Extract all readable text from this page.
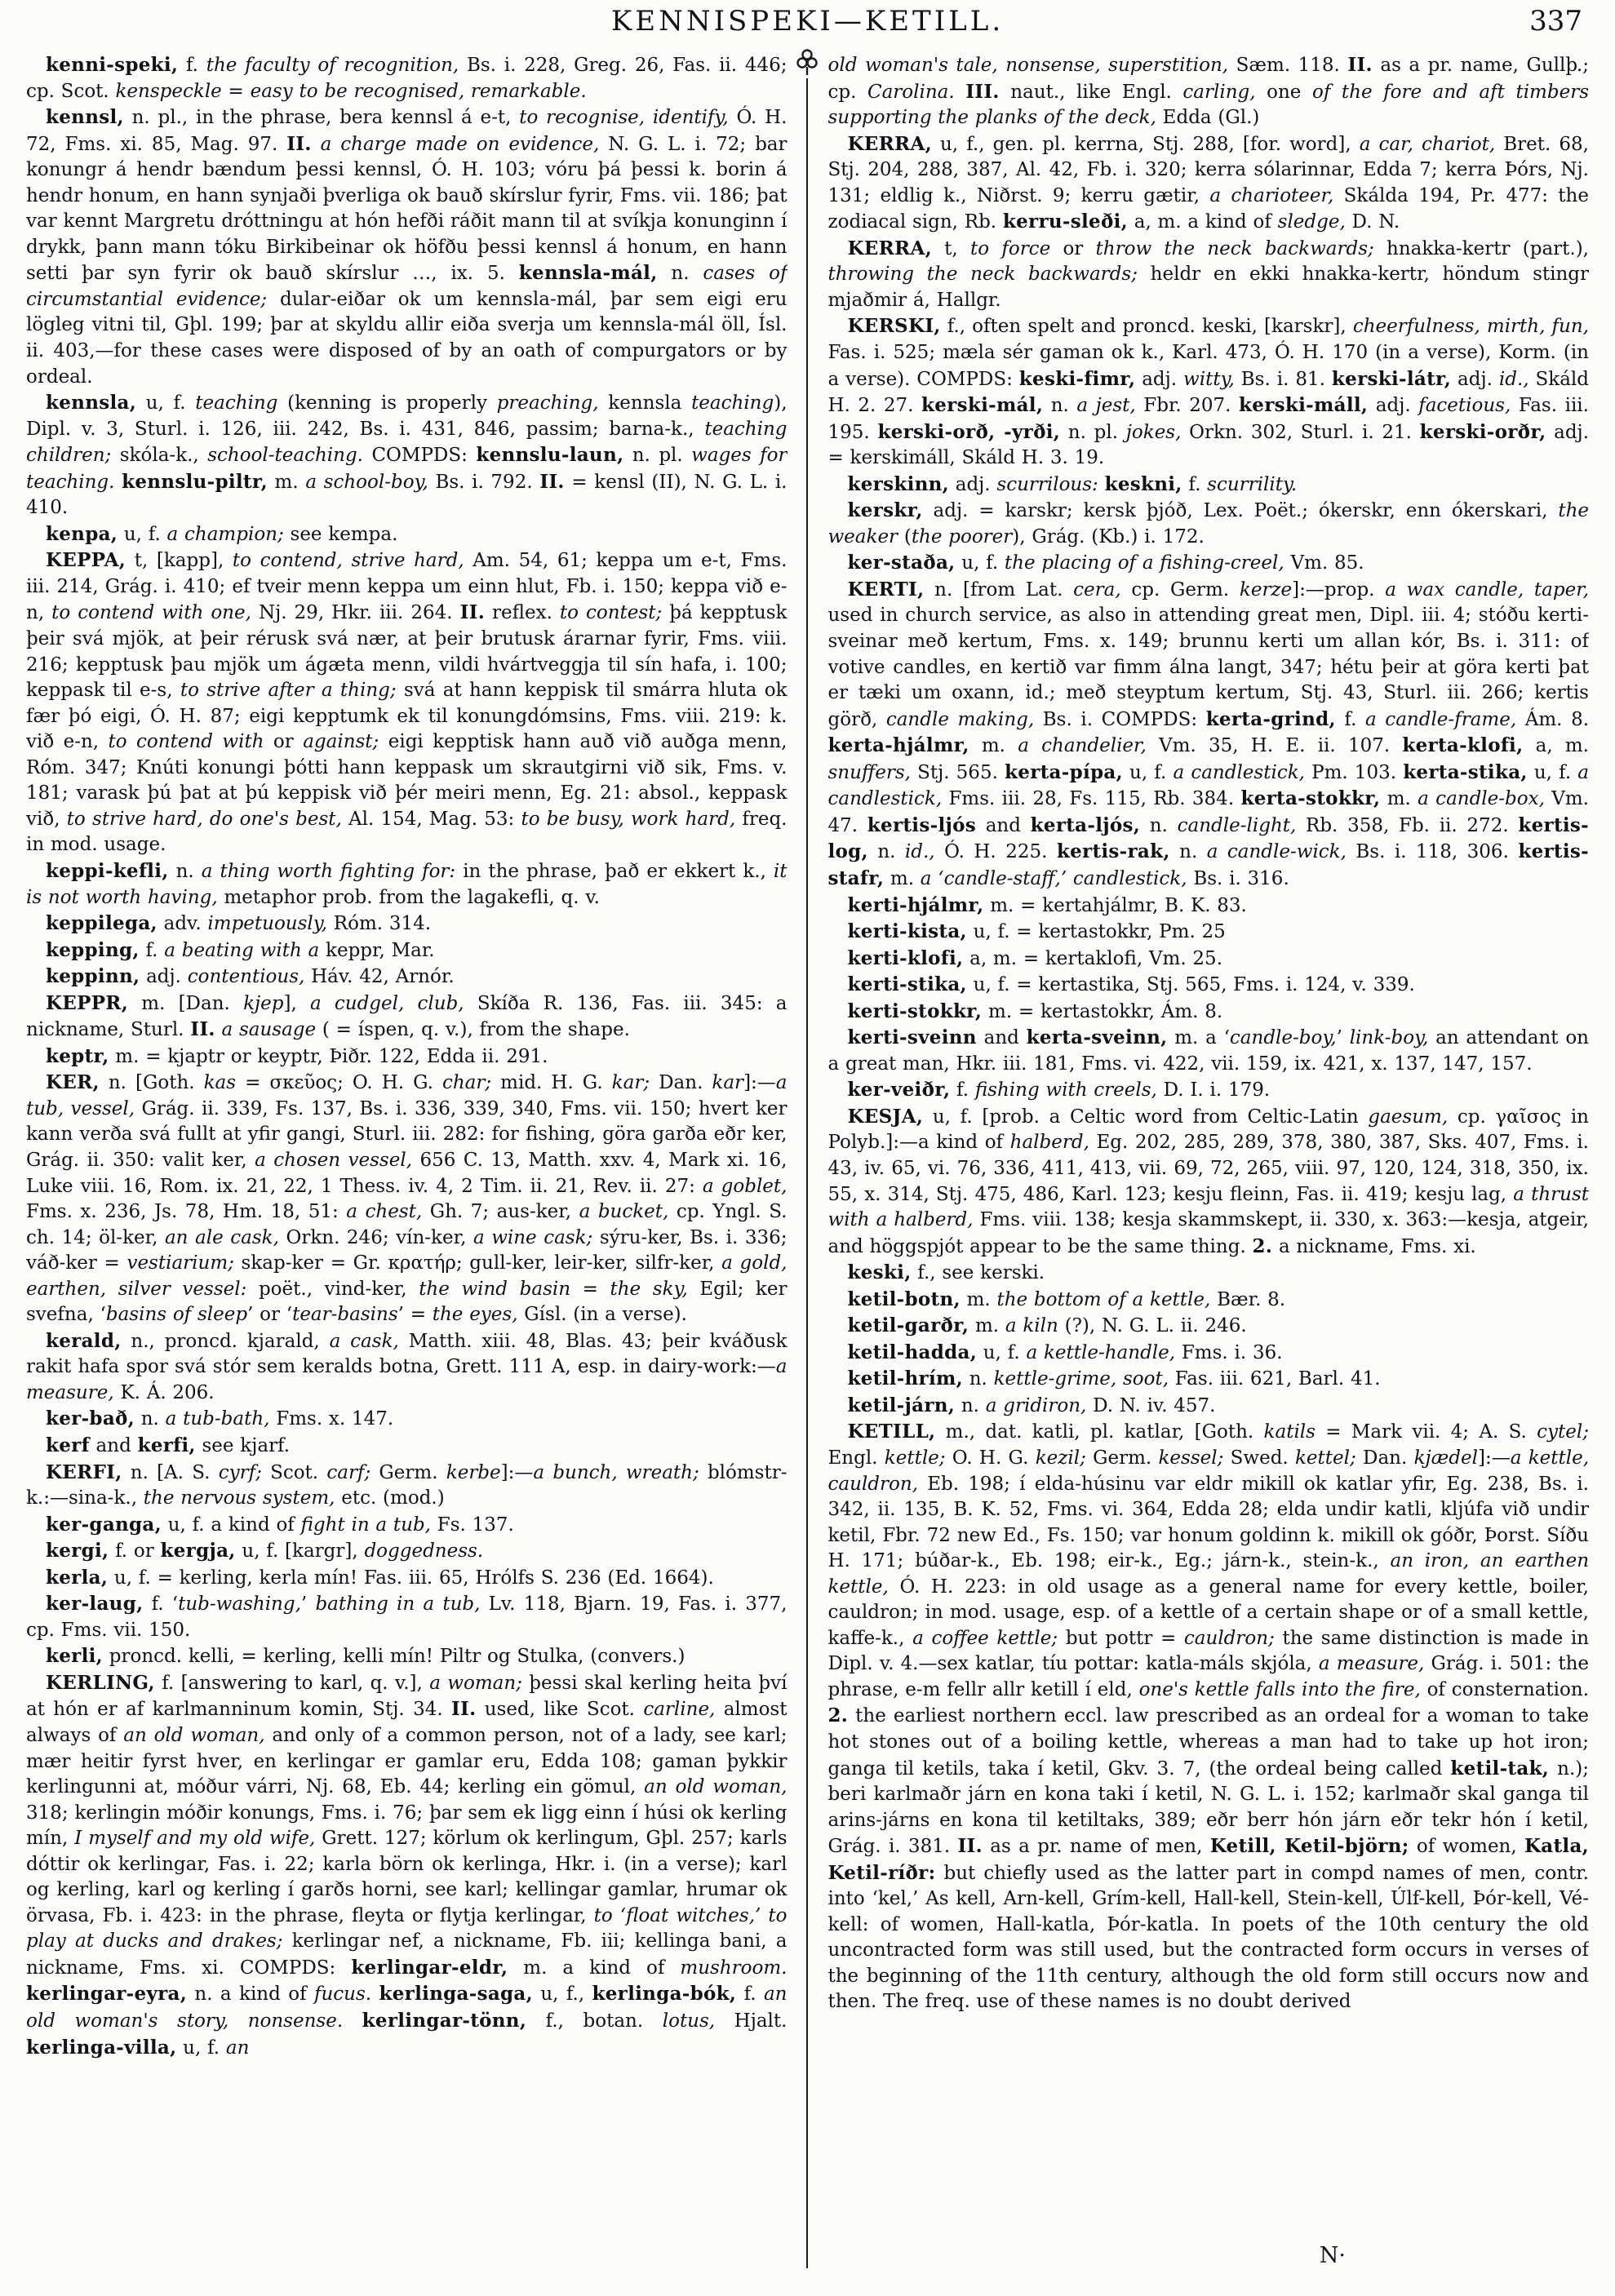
KENNISPEKI—KETILL.	337

kenni-speki, f. the faculty of recognition, Bs. i. 228, Greg. 26, Fas. ii. 446; cp. Scot. kenspeckle = easy to be recognised, remarkable.

kennsl, n. pl., in the phrase, bera kennsl á e-t, to recognise, identify, Ó. H. 72, Fms. xi. 85, Mag. 97. II. a charge made on evidence, N. G. L. i. 72; bar konungr á hendr bændum þessi kennsl, Ó. H. 103; vóru þá þessi k. borin á hendr honum, en hann synjaði þverliga ok bauð skírslur fyrir, Fms. vii. 186; þat var kennt Margretu dróttningu at hón hefði ráðit mann til at svíkja konunginn í drykk, þann mann tóku Birkibeinar ok höfðu þessi kennsl á honum, en hann setti þar syn fyrir ok bauð skírslur …, ix. 5. kennsla-mál, n. cases of circumstantial evidence; dular-eiðar ok um kennsla-mál, þar sem eigi eru lögleg vitni til, Gþl. 199; þar at skyldu allir eiða sverja um kennsla-mál öll, Ísl. ii. 403,—for these cases were disposed of by an oath of compurgators or by ordeal.

kennsla, u, f. teaching (kenning is properly preaching, kennsla teaching), Dipl. v. 3, Sturl. i. 126, iii. 242, Bs. i. 431, 846, passim; barna-k., teaching children; skóla-k., school-teaching. COMPDS: kennslu-laun, n. pl. wages for teaching. kennslu-piltr, m. a school-boy, Bs. i. 792. II. = kensl (II), N. G. L. i. 410.

kenpa, u, f. a champion; see kempa.

KEPPA, t, [kapp], to contend, strive hard, Am. 54, 61; keppa um e-t, Fms. iii. 214, Grág. i. 410; ef tveir menn keppa um einn hlut, Fb. i. 150; keppa við e-n, to contend with one, Nj. 29, Hkr. iii. 264. II. reflex. to contest; þá kepptusk þeir svá mjök, at þeir rérusk svá nær, at þeir brutusk árarnar fyrir, Fms. viii. 216; kepptusk þau mjök um ágæta menn, vildi hvártveggja til sín hafa, i. 100; keppask til e-s, to strive after a thing; svá at hann keppisk til smárra hluta ok fær þó eigi, Ó. H. 87; eigi kepptumk ek til konungdómsins, Fms. viii. 219: k. við e-n, to contend with or against; eigi kepptisk hann auð við auðga menn, Róm. 347; Knúti konungi þótti hann keppask um skrautgirni við sik, Fms. v. 181; varask þú þat at þú keppisk við þér meiri menn, Eg. 21: absol., keppask við, to strive hard, do one's best, Al. 154, Mag. 53: to be busy, work hard, freq. in mod. usage.

keppi-kefli, n. a thing worth fighting for: in the phrase, það er ekkert k., it is not worth having, metaphor prob. from the lagakefli, q. v.

keppilega, adv. impetuously, Róm. 314.

kepping, f. a beating with a keppr, Mar.

keppinn, adj. contentious, Háv. 42, Arnór.

KEPPR, m. [Dan. kjep], a cudgel, club, Skíða R. 136, Fas. iii. 345: a nickname, Sturl. II. a sausage ( = íspen, q. v.), from the shape.

keptr, m. = kjaptr or keyptr, Þiðr. 122, Edda ii. 291.

KER, n. [Goth. kas = σκεῦος; O. H. G. char; mid. H. G. kar; Dan. kar]:—a tub, vessel, Grág. ii. 339, Fs. 137, Bs. i. 336, 339, 340, Fms. vii. 150; hvert ker kann verða svá fullt at yfir gangi, Sturl. iii. 282: for fishing, göra garða eðr ker, Grág. ii. 350: valit ker, a chosen vessel, 656 C. 13, Matth. xxv. 4, Mark xi. 16, Luke viii. 16, Rom. ix. 21, 22, 1 Thess. iv. 4, 2 Tim. ii. 21, Rev. ii. 27: a goblet, Fms. x. 236, Js. 78, Hm. 18, 51: a chest, Gh. 7; aus-ker, a bucket, cp. Yngl. S. ch. 14; öl-ker, an ale cask, Orkn. 246; vín-ker, a wine cask; sýru-ker, Bs. i. 336; váð-ker = vestiarium; skap-ker = Gr. κρατήρ; gull-ker, leir-ker, silfr-ker, a gold, earthen, silver vessel: poët., vind-ker, the wind basin = the sky, Egil; ker svefna, ‘basins of sleep’ or ‘tear-basins’ = the eyes, Gísl. (in a verse).

kerald, n., proncd. kjarald, a cask, Matth. xiii. 48, Blas. 43; þeir kváðusk rakit hafa spor svá stór sem keralds botna, Grett. 111 A, esp. in dairy-work:—a measure, K. Á. 206.

ker-bað, n. a tub-bath, Fms. x. 147.

kerf and kerfi, see kjarf.

KERFI, n. [A. S. cyrf; Scot. carf; Germ. kerbe]:—a bunch, wreath; blómstr-k.:—sina-k., the nervous system, etc. (mod.)

ker-ganga, u, f. a kind of fight in a tub, Fs. 137.

kergi, f. or kergja, u, f. [kargr], doggedness.

kerla, u, f. = kerling, kerla mín! Fas. iii. 65, Hrólfs S. 236 (Ed. 1664).

ker-laug, f. ‘tub-washing,’ bathing in a tub, Lv. 118, Bjarn. 19, Fas. i. 377, cp. Fms. vii. 150.

kerli, proncd. kelli, = kerling, kelli mín! Piltr og Stulka, (convers.)

KERLING, f. [answering to karl, q. v.], a woman; þessi skal kerling heita því at hón er af karlmanninum komin, Stj. 34. II. used, like Scot. carline, almost always of an old woman, and only of a common person, not of a lady, see karl; mær heitir fyrst hver, en kerlingar er gamlar eru, Edda 108; gaman þykkir kerlingunni at, móður várri, Nj. 68, Eb. 44; kerling ein gömul, an old woman, 318; kerlingin móðir konungs, Fms. i. 76; þar sem ek ligg einn í húsi ok kerling mín, I myself and my old wife, Grett. 127; körlum ok kerlingum, Gþl. 257; karls dóttir ok kerlingar, Fas. i. 22; karla börn ok kerlinga, Hkr. i. (in a verse); karl og kerling, karl og kerling í garðs horni, see karl; kellingar gamlar, hrumar ok örvasa, Fb. i. 423: in the phrase, fleyta or flytja kerlingar, to ‘float witches,’ to play at ducks and drakes; kerlingar nef, a nickname, Fb. iii; kellinga bani, a nickname, Fms. xi. COMPDS: kerlingar-eldr, m. a kind of mushroom. kerlingar-eyra, n. a kind of fucus. kerlinga-saga, u, f., kerlinga-bók, f. an old woman's story, nonsense. kerlingar-tönn, f., botan. lotus, Hjalt. kerlinga-villa, u, f. an

old woman's tale, nonsense, superstition, Sæm. 118. II. as a pr. name, Gullþ.; cp. Carolina. III. naut., like Engl. carling, one of the fore and aft timbers supporting the planks of the deck, Edda (Gl.)

KERRA, u, f., gen. pl. kerrna, Stj. 288, [for. word], a car, chariot, Bret. 68, Stj. 204, 288, 387, Al. 42, Fb. i. 320; kerra sólarinnar, Edda 7; kerra Þórs, Nj. 131; eldlig k., Niðrst. 9; kerru gætir, a charioteer, Skálda 194, Pr. 477: the zodiacal sign, Rb. kerru-sleði, a, m. a kind of sledge, D. N.

KERRA, t, to force or throw the neck backwards; hnakka-kertr (part.), throwing the neck backwards; heldr en ekki hnakka-kertr, höndum stingr mjaðmir á, Hallgr.

KERSKI, f., often spelt and proncd. keski, [karskr], cheerfulness, mirth, fun, Fas. i. 525; mæla sér gaman ok k., Karl. 473, Ó. H. 170 (in a verse), Korm. (in a verse). COMPDS: keski-fimr, adj. witty, Bs. i. 81. kerski-látr, adj. id., Skáld H. 2. 27. kerski-mál, n. a jest, Fbr. 207. kerski-máll, adj. facetious, Fas. iii. 195. kerski-orð, -yrði, n. pl. jokes, Orkn. 302, Sturl. i. 21. kerski-orðr, adj. = kerskimáll, Skáld H. 3. 19.

kerskinn, adj. scurrilous: keskni, f. scurrility.

kerskr, adj. = karskr; kersk þjóð, Lex. Poët.; ókerskr, enn ókerskari, the weaker (the poorer), Grág. (Kb.) i. 172.

ker-staða, u, f. the placing of a fishing-creel, Vm. 85.

KERTI, n. [from Lat. cera, cp. Germ. kerze]:—prop. a wax candle, taper, used in church service, as also in attending great men, Dipl. iii. 4; stóðu kerti-sveinar með kertum, Fms. x. 149; brunnu kerti um allan kór, Bs. i. 311: of votive candles, en kertið var fimm álna langt, 347; hétu þeir at göra kerti þat er tæki um oxann, id.; með steyptum kertum, Stj. 43, Sturl. iii. 266; kertis görð, candle making, Bs. i. COMPDS: kerta-grind, f. a candle-frame, Ám. 8. kerta-hjálmr, m. a chandelier, Vm. 35, H. E. ii. 107. kerta-klofi, a, m. snuffers, Stj. 565. kerta-pípa, u, f. a candlestick, Pm. 103. kerta-stika, u, f. a candlestick, Fms. iii. 28, Fs. 115, Rb. 384. kerta-stokkr, m. a candle-box, Vm. 47. kertis-ljós and kerta-ljós, n. candle-light, Rb. 358, Fb. ii. 272. kertis-log, n. id., Ó. H. 225. kertis-rak, n. a candle-wick, Bs. i. 118, 306. kertis-stafr, m. a ‘candle-staff,’ candlestick, Bs. i. 316.

kerti-hjálmr, m. = kertahjálmr, B. K. 83.

kerti-kista, u, f. = kertastokkr, Pm. 25

kerti-klofi, a, m. = kertaklofi, Vm. 25.

kerti-stika, u, f. = kertastika, Stj. 565, Fms. i. 124, v. 339.

kerti-stokkr, m. = kertastokkr, Ám. 8.

kerti-sveinn and kerta-sveinn, m. a ‘candle-boy,’ link-boy, an attendant on a great man, Hkr. iii. 181, Fms. vi. 422, vii. 159, ix. 421, x. 137, 147, 157.

ker-veiðr, f. fishing with creels, D. I. i. 179.

KESJA, u, f. [prob. a Celtic word from Celtic-Latin gaesum, cp. γαῖσος in Polyb.]:—a kind of halberd, Eg. 202, 285, 289, 378, 380, 387, Sks. 407, Fms. i. 43, iv. 65, vi. 76, 336, 411, 413, vii. 69, 72, 265, viii. 97, 120, 124, 318, 350, ix. 55, x. 314, Stj. 475, 486, Karl. 123; kesju fleinn, Fas. ii. 419; kesju lag, a thrust with a halberd, Fms. viii. 138; kesja skammskept, ii. 330, x. 363:—kesja, atgeir, and höggspjót appear to be the same thing. 2. a nickname, Fms. xi.

keski, f., see kerski.

ketil-botn, m. the bottom of a kettle, Bær. 8.

ketil-garðr, m. a kiln (?), N. G. L. ii. 246.

ketil-hadda, u, f. a kettle-handle, Fms. i. 36.

ketil-hrím, n. kettle-grime, soot, Fas. iii. 621, Barl. 41.

ketil-járn, n. a gridiron, D. N. iv. 457.

KETILL, m., dat. katli, pl. katlar, [Goth. katils = Mark vii. 4; A. S. cytel; Engl. kettle; O. H. G. kezil; Germ. kessel; Swed. kettel; Dan. kjædel]:—a kettle, cauldron, Eb. 198; í elda-húsinu var eldr mikill ok katlar yfir, Eg. 238, Bs. i. 342, ii. 135, B. K. 52, Fms. vi. 364, Edda 28; elda undir katli, kljúfa við undir ketil, Fbr. 72 new Ed., Fs. 150; var honum goldinn k. mikill ok góðr, Þorst. Síðu H. 171; búðar-k., Eb. 198; eir-k., Eg.; járn-k., stein-k., an iron, an earthen kettle, Ó. H. 223: in old usage as a general name for every kettle, boiler, cauldron; in mod. usage, esp. of a kettle of a certain shape or of a small kettle, kaffe-k., a coffee kettle; but pottr = cauldron; the same distinction is made in Dipl. v. 4.—sex katlar, tíu pottar: katla-máls skjóla, a measure, Grág. i. 501: the phrase, e-m fellr allr ketill í eld, one's kettle falls into the fire, of consternation. 2. the earliest northern eccl. law prescribed as an ordeal for a woman to take hot stones out of a boiling kettle, whereas a man had to take up hot iron; ganga til ketils, taka í ketil, Gkv. 3. 7, (the ordeal being called ketil-tak, n.); beri karlmaðr járn en kona taki í ketil, N. G. L. i. 152; karlmaðr skal ganga til arins-járns en kona til ketiltaks, 389; eðr berr hón járn eðr tekr hón í ketil, Grág. i. 381. II. as a pr. name of men, Ketill, Ketil-björn; of women, Katla, Ketil-ríðr: but chiefly used as the latter part in compd names of men, contr. into ‘kel,’ As kell, Arn-kell, Grím-kell, Hall-kell, Stein-kell, Úlf-kell, Þór-kell, Vé-kell: of women, Hall-katla, Þór-katla. In poets of the 10th century the old uncontracted form was still used, but the contracted form occurs in verses of the beginning of the 11th century, although the old form still occurs now and then. The freq. use of these names is no doubt derived

N·
